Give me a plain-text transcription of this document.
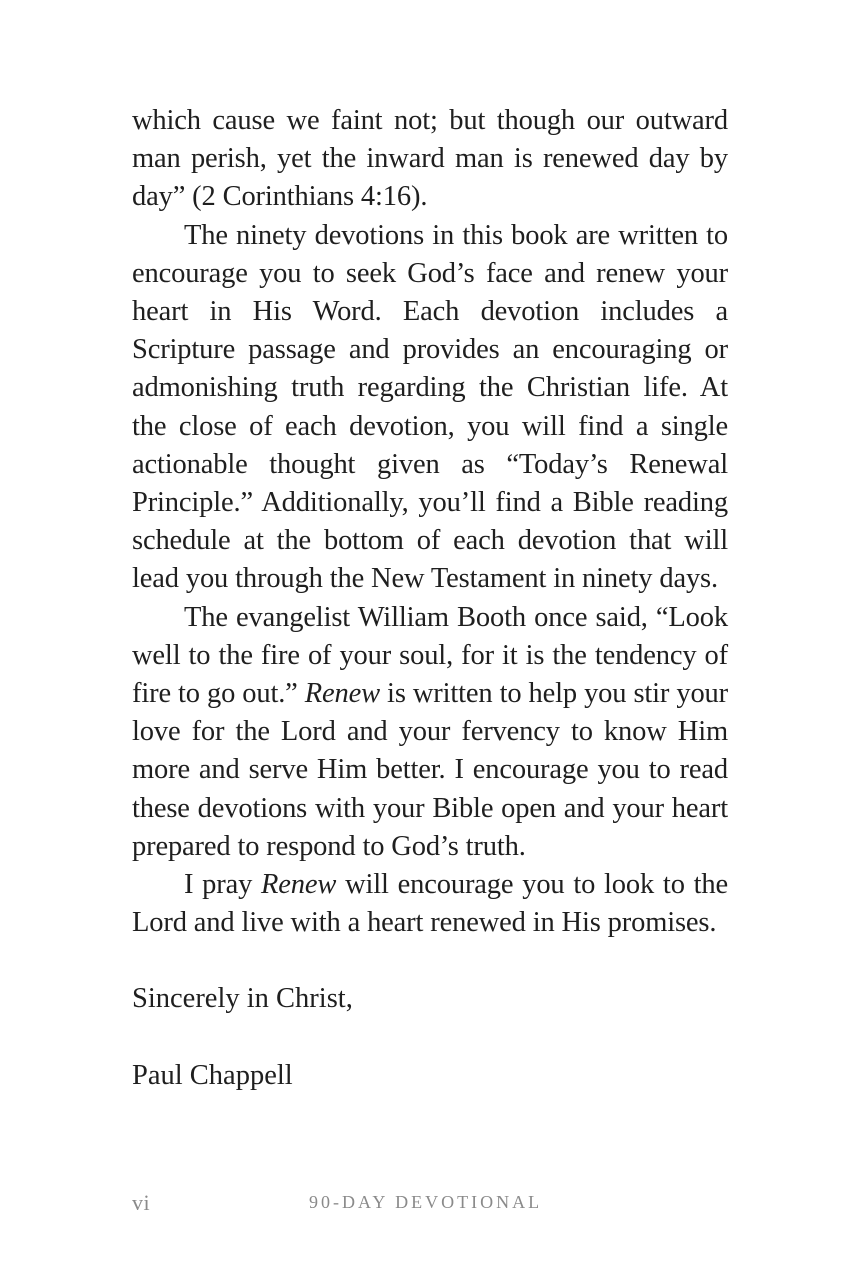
which cause we faint not; but though our outward man perish, yet the inward man is renewed day by day” (2 Corinthians 4:16).

The ninety devotions in this book are written to encourage you to seek God’s face and renew your heart in His Word. Each devotion includes a Scripture passage and provides an encouraging or admonishing truth regarding the Christian life. At the close of each devotion, you will find a single actionable thought given as “Today’s Renewal Principle.” Additionally, you’ll find a Bible reading schedule at the bottom of each devotion that will lead you through the New Testament in ninety days.

The evangelist William Booth once said, “Look well to the fire of your soul, for it is the tendency of fire to go out.” Renew is written to help you stir your love for the Lord and your fervency to know Him more and serve Him better. I encourage you to read these devotions with your Bible open and your heart prepared to respond to God’s truth.

I pray Renew will encourage you to look to the Lord and live with a heart renewed in His promises.

Sincerely in Christ,

Paul Chappell

vi	90-DAY DEVOTIONAL
